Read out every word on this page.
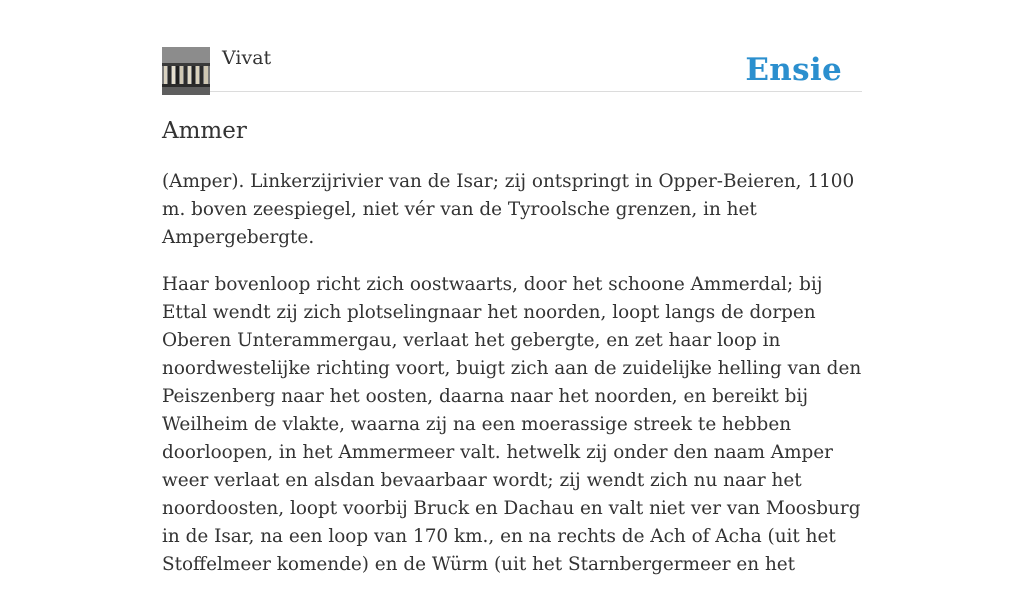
Vivat	Ensie
Ammer

(Amper). Linkerzijrivier van de Isar; zij ontspringt in Opper-Beieren, 1100 m. boven zeespiegel, niet vér van de Tyroolsche grenzen, in het Ampergebergte.

Haar bovenloop richt zich oostwaarts, door het schoone Ammerdal; bij Ettal wendt zij zich plotselingnaar het noorden, loopt langs de dorpen Oberen Unterammergau, verlaat het gebergte, en zet haar loop in noordwestelijke richting voort, buigt zich aan de zuidelijke helling van den Peiszenberg naar het oosten, daarna naar het noorden, en bereikt bij Weilheim de vlakte, waarna zij na een moerassige streek te hebben doorloopen, in het Ammermeer valt. hetwelk zij onder den naam Amper weer verlaat en alsdan bevaarbaar wordt; zij wendt zich nu naar het noordoosten, loopt voorbij Bruck en Dachau en valt niet ver van Moosburg in de Isar, na een loop van 170 km., en na rechts de Ach of Acha (uit het Stoffelmeer komende) en de Würm (uit het Starnbergermeer en het
